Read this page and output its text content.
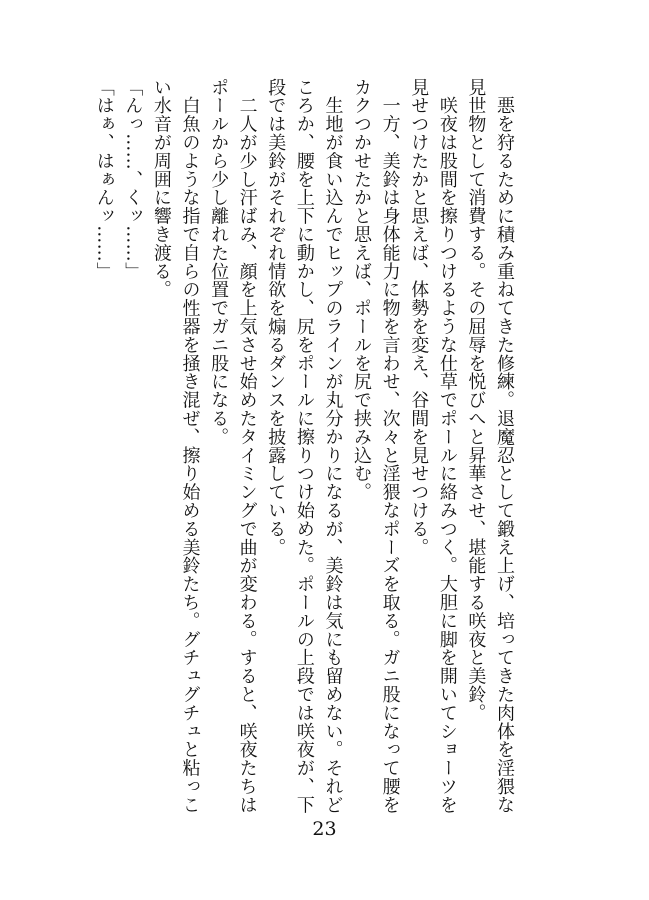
　悪を狩るために積み重ねてきた修練。退魔忍として鍛え上げ、培ってきた肉体を淫猥な
見世物として消費する。その屈辱を悦びへと昇華させ、堪能する咲夜と美鈴。
　咲夜は股間を擦りつけるような仕草でポールに絡みつく。大胆に脚を開いてショーツを
見せつけたかと思えば、体勢を変え、谷間を見せつける。
　一方、美鈴は身体能力に物を言わせ、次々と淫猥なポーズを取る。ガニ股になって腰を
カクつかせたかと思えば、ポールを尻で挟み込む。
　生地が食い込んでヒップのラインが丸分かりになるが、美鈴は気にも留めない。それど
ころか、腰を上下に動かし、尻をポールに擦りつけ始めた。ポールの上段では咲夜が、下
段では美鈴がそれぞれ情欲を煽るダンスを披露している。
　二人が少し汗ばみ、顔を上気させ始めたタイミングで曲が変わる。すると、咲夜たちは
ポールから少し離れた位置でガニ股になる。
　白魚のような指で自らの性器を掻き混ぜ、擦り始める美鈴たち。グチュグチュと粘っこ
い水音が周囲に響き渡る。
「んっ……、くッ……」
「はぁ、はぁんッ……」
23
